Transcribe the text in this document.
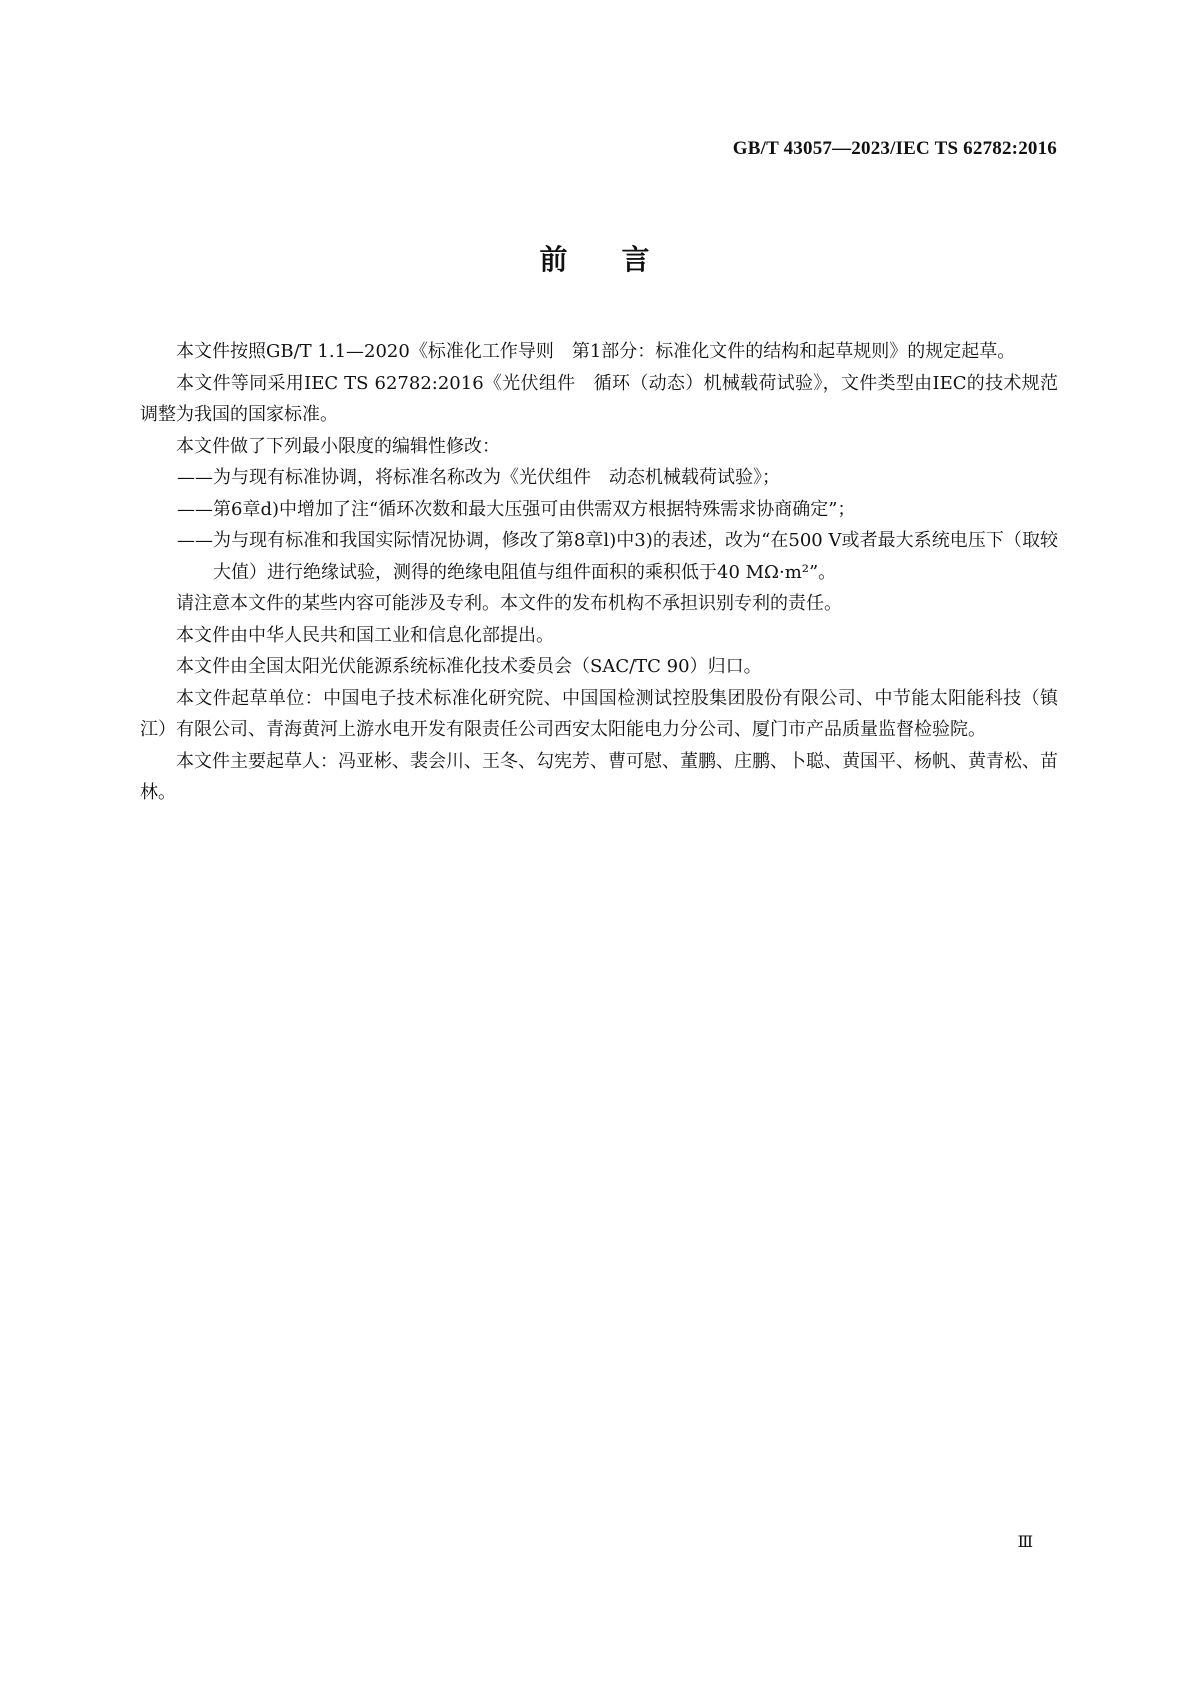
GB/T 43057—2023/IEC TS 62782:2016
前 言

本文件按照GB/T 1.1—2020《标准化工作导则　第1部分：标准化文件的结构和起草规则》的规定起草。

本文件等同采用IEC TS 62782:2016《光伏组件　循环（动态）机械载荷试验》，文件类型由IEC的技术规范调整为我国的国家标准。

本文件做了下列最小限度的编辑性修改：

——为与现有标准协调，将标准名称改为《光伏组件　动态机械载荷试验》；

——第6章d)中增加了注“循环次数和最大压强可由供需双方根据特殊需求协商确定”；

——为与现有标准和我国实际情况协调，修改了第8章l)中3)的表述，改为“在500 V或者最大系统电压下（取较大值）进行绝缘试验，测得的绝缘电阻值与组件面积的乘积低于40 MΩ·m²”。

请注意本文件的某些内容可能涉及专利。本文件的发布机构不承担识别专利的责任。

本文件由中华人民共和国工业和信息化部提出。

本文件由全国太阳光伏能源系统标准化技术委员会（SAC/TC 90）归口。

本文件起草单位：中国电子技术标准化研究院、中国国检测试控股集团股份有限公司、中节能太阳能科技（镇江）有限公司、青海黄河上游水电开发有限责任公司西安太阳能电力分公司、厦门市产品质量监督检验院。

本文件主要起草人：冯亚彬、裴会川、王冬、勾宪芳、曹可慰、董鹏、庄鹏、卜聪、黄国平、杨帆、黄青松、苗林。

Ⅲ
